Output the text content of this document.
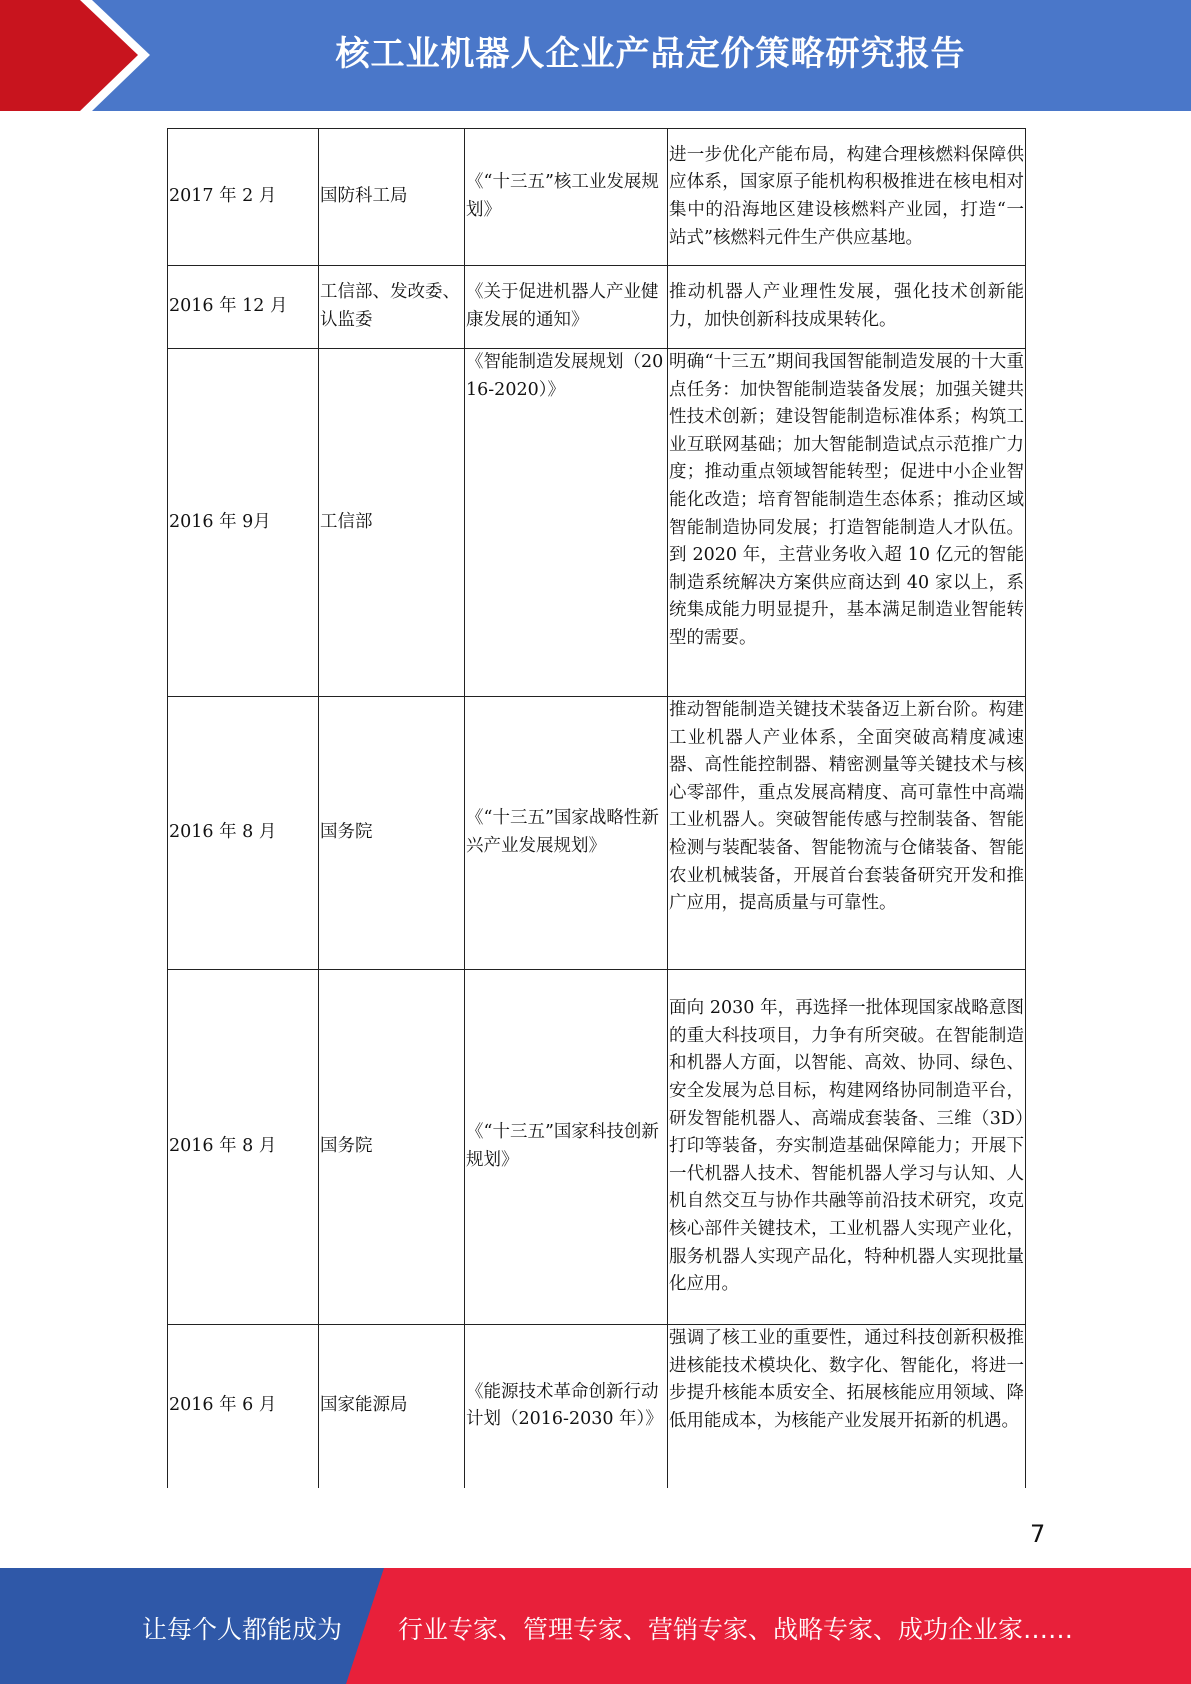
核工业机器人企业产品定价策略研究报告
2017 年 2 月	国防科工局	《“十三五”核工业发展规划》	进一步优化产能布局，构建合理核燃料保障供应体系，国家原子能机构积极推进在核电相对集中的沿海地区建设核燃料产业园，打造“一站式”核燃料元件生产供应基地。
2016 年 12 月	工信部、发改委、认监委	《关于促进机器人产业健康发展的通知》	推动机器人产业理性发展，强化技术创新能力，加快创新科技成果转化。
2016 年 9月	工信部	《智能制造发展规划（2016-2020）》	明确“十三五”期间我国智能制造发展的十大重点任务：加快智能制造装备发展；加强关键共性技术创新；建设智能制造标准体系；构筑工业互联网基础；加大智能制造试点示范推广力度；推动重点领域智能转型；促进中小企业智能化改造；培育智能制造生态体系；推动区域智能制造协同发展；打造智能制造人才队伍。到 2020 年，主营业务收入超 10 亿元的智能制造系统解决方案供应商达到 40 家以上，系统集成能力明显提升，基本满足制造业智能转型的需要。
2016 年 8 月	国务院	《“十三五”国家战略性新兴产业发展规划》	推动智能制造关键技术装备迈上新台阶。构建工业机器人产业体系，全面突破高精度减速器、高性能控制器、精密测量等关键技术与核心零部件，重点发展高精度、高可靠性中高端工业机器人。突破智能传感与控制装备、智能检测与装配装备、智能物流与仓储装备、智能农业机械装备，开展首台套装备研究开发和推广应用，提高质量与可靠性。
2016 年 8 月	国务院	《“十三五”国家科技创新规划》	面向 2030 年，再选择一批体现国家战略意图的重大科技项目，力争有所突破。在智能制造和机器人方面，以智能、高效、协同、绿色、安全发展为总目标，构建网络协同制造平台，研发智能机器人、高端成套装备、三维（3D）打印等装备，夯实制造基础保障能力；开展下一代机器人技术、智能机器人学习与认知、人机自然交互与协作共融等前沿技术研究，攻克核心部件关键技术，工业机器人实现产业化，服务机器人实现产品化，特种机器人实现批量化应用。
2016 年 6 月	国家能源局	《能源技术革命创新行动计划（2016-2030 年）》	强调了核工业的重要性，通过科技创新积极推进核能技术模块化、数字化、智能化，将进一步提升核能本质安全、拓展核能应用领域、降低用能成本，为核能产业发展开拓新的机遇。
7
让每个人都能成为 行业专家、管理专家、营销专家、战略专家、成功企业家……
